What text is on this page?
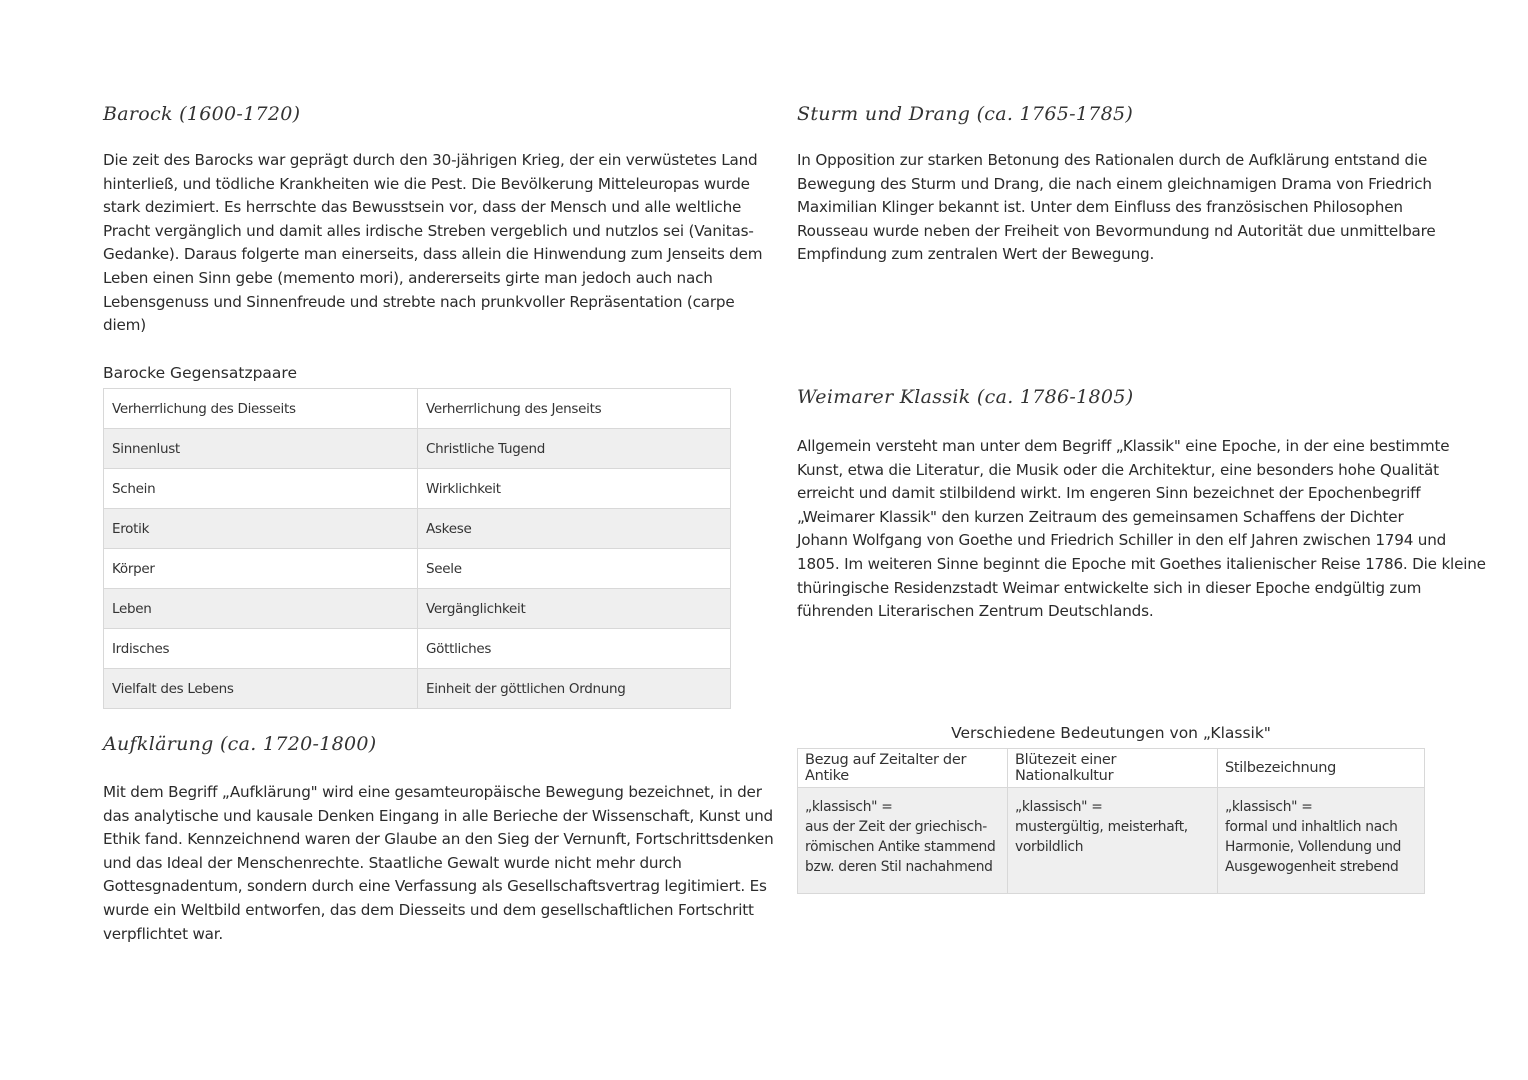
Barock (1600-1720)
Die zeit des Barocks war geprägt durch den 30-jährigen Krieg, der ein verwüstetes Land
hinterließ, und tödliche Krankheiten wie die Pest. Die Bevölkerung Mitteleuropas wurde
stark dezimiert. Es herrschte das Bewusstsein vor, dass der Mensch und alle weltliche
Pracht vergänglich und damit alles irdische Streben vergeblich und nutzlos sei (Vanitas-
Gedanke). Daraus folgerte man einerseits, dass allein die Hinwendung zum Jenseits dem
Leben einen Sinn gebe (memento mori), andererseits girte man jedoch auch nach
Lebensgenuss und Sinnenfreude und strebte nach prunkvoller Repräsentation (carpe
diem)
Barocke Gegensatzpaare
Verherrlichung des Diesseits	Verherrlichung des Jenseits
Sinnenlust	Christliche Tugend
Schein	Wirklichkeit
Erotik	Askese
Körper	Seele
Leben	Vergänglichkeit
Irdisches	Göttliches
Vielfalt des Lebens	Einheit der göttlichen Ordnung
Aufklärung (ca. 1720-1800)
Mit dem Begriff „Aufklärung" wird eine gesamteuropäische Bewegung bezeichnet, in der
das analytische und kausale Denken Eingang in alle Berieche der Wissenschaft, Kunst und
Ethik fand. Kennzeichnend waren der Glaube an den Sieg der Vernunft, Fortschrittsdenken
und das Ideal der Menschenrechte. Staatliche Gewalt wurde nicht mehr durch
Gottesgnadentum, sondern durch eine Verfassung als Gesellschaftsvertrag legitimiert. Es
wurde ein Weltbild entworfen, das dem Diesseits und dem gesellschaftlichen Fortschritt
verpflichtet war.
Sturm und Drang (ca. 1765-1785)
In Opposition zur starken Betonung des Rationalen durch de Aufklärung entstand die
Bewegung des Sturm und Drang, die nach einem gleichnamigen Drama von Friedrich
Maximilian Klinger bekannt ist. Unter dem Einfluss des französischen Philosophen
Rousseau wurde neben der Freiheit von Bevormundung nd Autorität due unmittelbare
Empfindung zum zentralen Wert der Bewegung.
Weimarer Klassik (ca. 1786-1805)
Allgemein versteht man unter dem Begriff „Klassik" eine Epoche, in der eine bestimmte
Kunst, etwa die Literatur, die Musik oder die Architektur, eine besonders hohe Qualität
erreicht und damit stilbildend wirkt. Im engeren Sinn bezeichnet der Epochenbegriff
„Weimarer Klassik" den kurzen Zeitraum des gemeinsamen Schaffens der Dichter
Johann Wolfgang von Goethe und Friedrich Schiller in den elf Jahren zwischen 1794 und
1805. Im weiteren Sinne beginnt die Epoche mit Goethes italienischer Reise 1786. Die kleine
thüringische Residenzstadt Weimar entwickelte sich in dieser Epoche endgültig zum
führenden Literarischen Zentrum Deutschlands.
Verschiedene Bedeutungen von „Klassik"
Bezug auf Zeitalter der Antike	Blütezeit einer Nationalkultur	Stilbezeichnung

„klassisch" =
aus der Zeit der griechisch-
römischen Antike stammend
bzw. deren Stil nachahmend	„klassisch" =
mustergültig, meisterhaft,
vorbildlich	„klassisch" =
formal und inhaltlich nach
Harmonie, Vollendung und
Ausgewogenheit strebend
